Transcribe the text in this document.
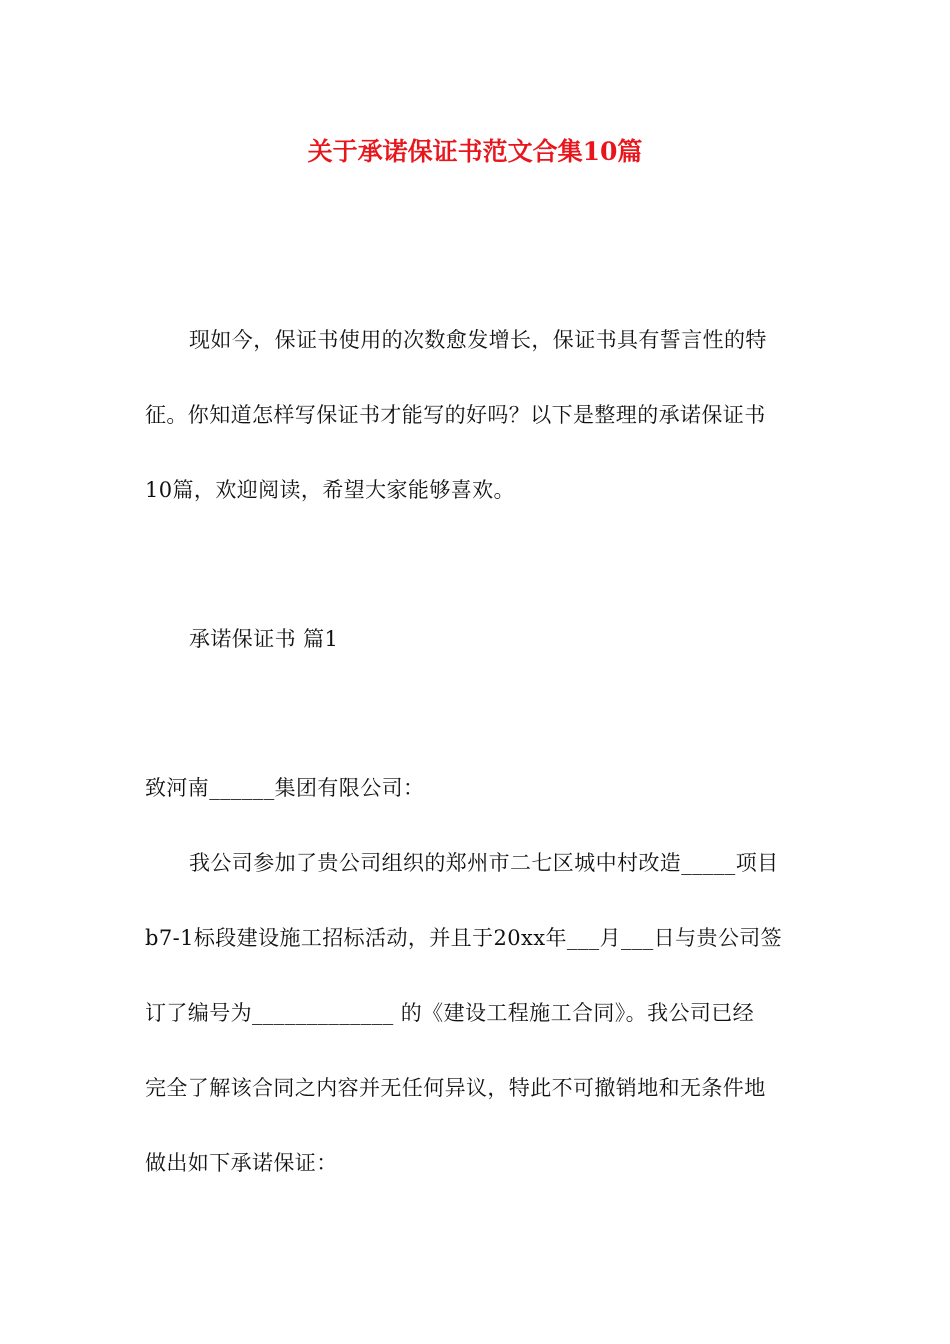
关于承诺保证书范文合集10篇
现如今，保证书使用的次数愈发增长，保证书具有誓言性的特
征。你知道怎样写保证书才能写的好吗？以下是整理的承诺保证书
10篇，欢迎阅读，希望大家能够喜欢。
承诺保证书 篇1
致河南______集团有限公司：
我公司参加了贵公司组织的郑州市二七区城中村改造_____项目
b7-1标段建设施工招标活动，并且于20xx年___月___日与贵公司签
订了编号为_____________ 的《建设工程施工合同》。我公司已经
完全了解该合同之内容并无任何异议，特此不可撤销地和无条件地
做出如下承诺保证：
